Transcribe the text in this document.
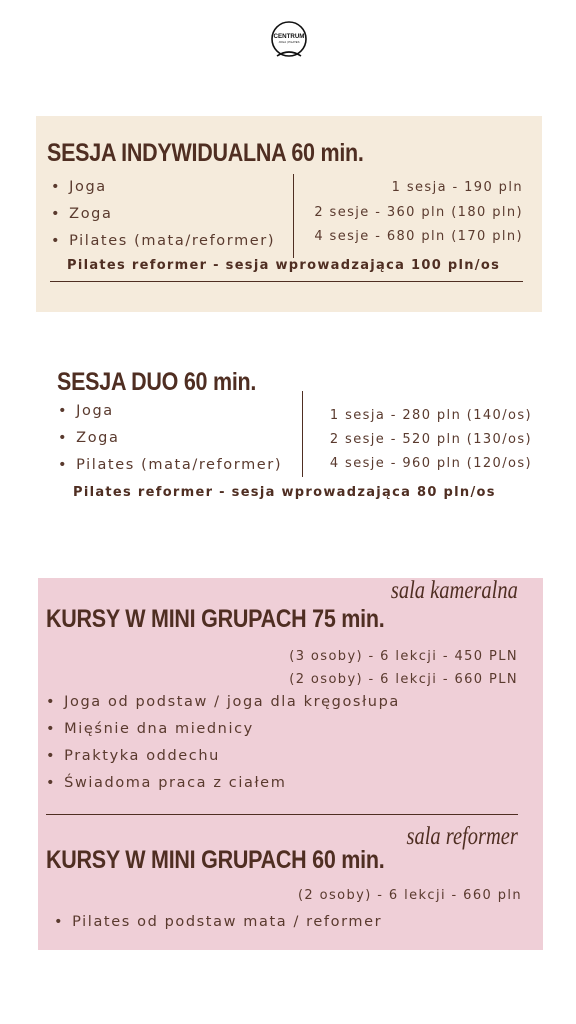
CENTRUM
JOGA | PILATES
SESJA INDYWIDUALNA 60 min.
• Joga
• Zoga
• Pilates (mata/reformer)
1 sesja - 190 pln
2 sesje - 360 pln (180 pln)
4 sesje - 680 pln (170 pln)
Pilates reformer - sesja wprowadzająca 100 pln/os
SESJA DUO 60 min.
• Joga
• Zoga
• Pilates (mata/reformer)
1 sesja - 280 pln (140/os)
2 sesje - 520 pln (130/os)
4 sesje - 960 pln (120/os)
Pilates reformer - sesja wprowadzająca 80 pln/os
sala kameralna
KURSY W MINI GRUPACH 75 min.
(3 osoby) - 6 lekcji - 450 PLN
(2 osoby) - 6 lekcji - 660 PLN
• Joga od podstaw / joga dla kręgosłupa
• Mięśnie dna miednicy
• Praktyka oddechu
• Świadoma praca z ciałem
sala reformer
KURSY W MINI GRUPACH 60 min.
(2 osoby) - 6 lekcji - 660 pln
• Pilates od podstaw mata / reformer
